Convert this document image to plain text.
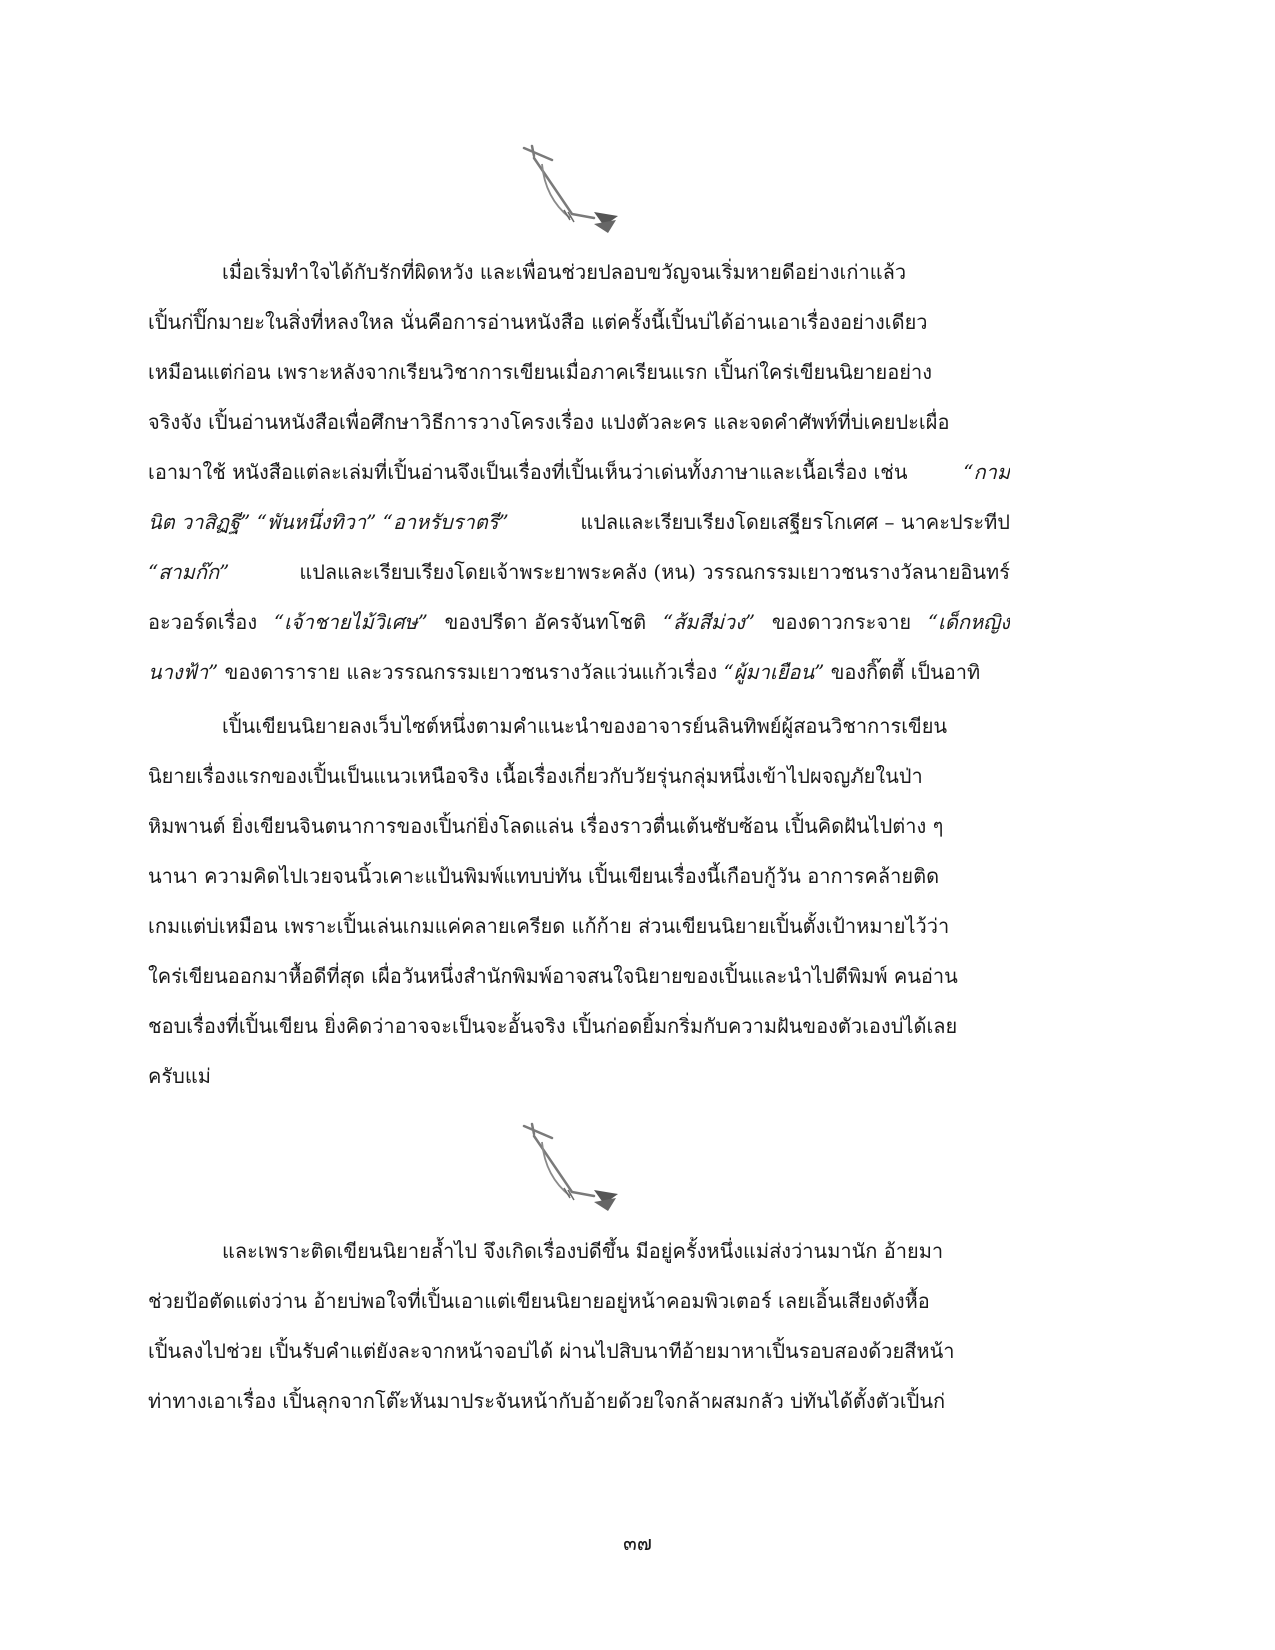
เมื่อเริ่มทำใจได้กับรักที่ผิดหวัง และเพื่อนช่วยปลอบขวัญจนเริ่มหายดีอย่างเก่าแล้ว
เปิ้นก่ปิ๊กมายะในสิ่งที่หลงใหล นั่นคือการอ่านหนังสือ แต่ครั้งนี้เปิ้นบ่ได้อ่านเอาเรื่องอย่างเดียว
เหมือนแต่ก่อน เพราะหลังจากเรียนวิชาการเขียนเมื่อภาคเรียนแรก เปิ้นก่ใคร่เขียนนิยายอย่าง
จริงจัง เปิ้นอ่านหนังสือเพื่อศึกษาวิธีการวางโครงเรื่อง แปงตัวละคร และจดคำศัพท์ที่บ่เคยปะเผื่อ
เอามาใช้ หนังสือแต่ละเล่มที่เปิ้นอ่านจึงเป็นเรื่องที่เปิ้นเห็นว่าเด่นทั้งภาษาและเนื้อเรื่อง เช่น “กาม
นิต วาสิฏฐี” “พันหนึ่งทิวา” “อาหรับราตรี”	แปลและเรียบเรียงโดยเสฐียรโกเศศ – นาคะประทีป
“สามก๊ก”	แปลและเรียบเรียงโดยเจ้าพระยาพระคลัง (หน) วรรณกรรมเยาวชนรางวัลนายอินทร์
อะวอร์ดเรื่อง “เจ้าชายไม้วิเศษ” ของปรีดา อัครจันทโชติ “ส้มสีม่วง” ของดาวกระจาย “เด็กหญิง
นางฟ้า” ของดาราราย และวรรณกรรมเยาวชนรางวัลแว่นแก้วเรื่อง “ผู้มาเยือน” ของกิ๊ตตี้ เป็นอาทิ
เปิ้นเขียนนิยายลงเว็บไซต์หนึ่งตามคำแนะนำของอาจารย์นลินทิพย์ผู้สอนวิชาการเขียน
นิยายเรื่องแรกของเปิ้นเป็นแนวเหนือจริง เนื้อเรื่องเกี่ยวกับวัยรุ่นกลุ่มหนึ่งเข้าไปผจญภัยในป่า
หิมพานต์ ยิ่งเขียนจินตนาการของเปิ้นก่ยิ่งโลดแล่น เรื่องราวตื่นเต้นซับซ้อน เปิ้นคิดฝันไปต่าง ๆ
นานา ความคิดไปเวยจนนิ้วเคาะแป้นพิมพ์แทบบ่ทัน เปิ้นเขียนเรื่องนี้เกือบกู้วัน อาการคล้ายติด
เกมแต่บ่เหมือน เพราะเปิ้นเล่นเกมแค่คลายเครียด แก้ก้าย ส่วนเขียนนิยายเปิ้นตั้งเป้าหมายไว้ว่า
ใคร่เขียนออกมาหื้อดีที่สุด เผื่อวันหนึ่งสำนักพิมพ์อาจสนใจนิยายของเปิ้นและนำไปตีพิมพ์ คนอ่าน
ชอบเรื่องที่เปิ้นเขียน ยิ่งคิดว่าอาจจะเป็นจะอั้นจริง เปิ้นก่อดยิ้มกริ่มกับความฝันของตัวเองบ่ได้เลย
ครับแม่
และเพราะติดเขียนนิยายล้ำไป จึงเกิดเรื่องบ่ดีขึ้น มีอยู่ครั้งหนึ่งแม่ส่งว่านมานัก อ้ายมา
ช่วยป้อตัดแต่งว่าน อ้ายบ่พอใจที่เปิ้นเอาแต่เขียนนิยายอยู่หน้าคอมพิวเตอร์ เลยเอิ้นเสียงดังหื้อ
เปิ้นลงไปช่วย เปิ้นรับคำแต่ยังละจากหน้าจอบ่ได้ ผ่านไปสิบนาทีอ้ายมาหาเปิ้นรอบสองด้วยสีหน้า
ท่าทางเอาเรื่อง เปิ้นลุกจากโต๊ะหันมาประจันหน้ากับอ้ายด้วยใจกล้าผสมกลัว บ่ทันได้ตั้งตัวเปิ้นก่
๓๗
